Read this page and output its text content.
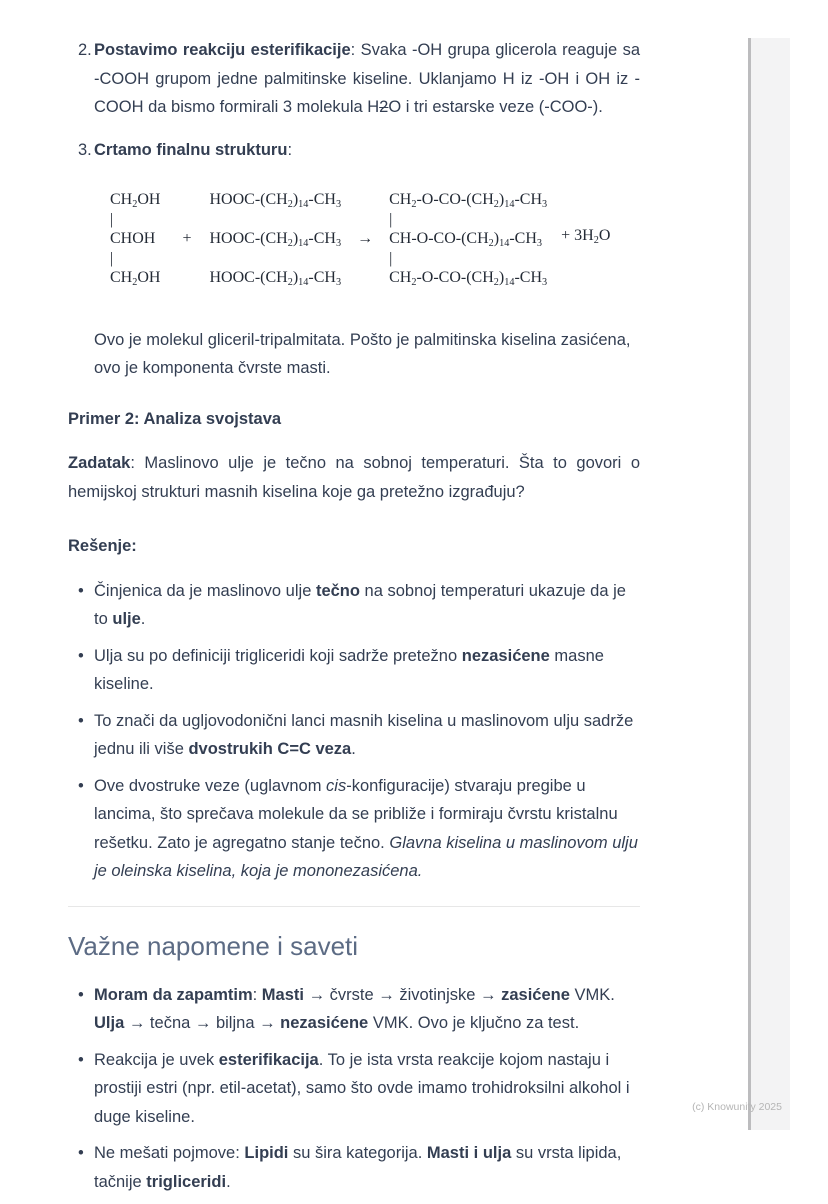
2. Postavimo reakciju esterifikacije: Svaka -OH grupa glicerola reaguje sa -COOH grupom jedne palmitinske kiseline. Uklanjamo H iz -OH i OH iz -COOH da bismo formirali 3 molekula H2O i tri estarske veze (-COO-).

3. Crtamo finalnu strukturu:

$CH_2OH$
|
CHOH
|
$CH_2OH$
+
HOOC-$(CH_2)_{14}-CH_3$
HOOC-$(CH_2)_{14}-CH_3$
HOOC-$(CH_2)_{14}-CH_3$
→
$CH_2-O-CO-(CH_2)_{14}-CH_3$
|
$CH-O-CO-(CH_2)_{14}-CH_3$
|
$CH_2-O-CO-(CH_2)_{14}-CH_3$
+ $3H_2O$

Ovo je molekul gliceril-tripalmitata. Pošto je palmitinska kiselina zasićena, ovo je komponenta čvrste masti.

Primer 2: Analiza svojstava

Zadatak: Maslinovo ulje je tečno na sobnoj temperaturi. Šta to govori o hemijskoj strukturi masnih kiselina koje ga pretežno izgrađuju?

Rešenje:

• Činjenica da je maslinovo ulje tečno na sobnoj temperaturi ukazuje da je to ulje.

• Ulja su po definiciji trigliceridi koji sadrže pretežno nezasićene masne kiseline.

• To znači da ugljovodonični lanci masnih kiselina u maslinovom ulju sadrže jednu ili više dvostrukih C=C veza.

• Ove dvostruke veze (uglavnom cis-konfiguracije) stvaraju pregibe u lancima, što sprečava molekule da se približe i formiraju čvrstu kristalnu rešetku. Zato je agregatno stanje tečno. Glavna kiselina u maslinovom ulju je oleinska kiselina, koja je mononezasićena.

Važne napomene i saveti
• Moram da zapamtim: Masti → čvrste → životinjske → zasićene VMK. Ulja → tečna → biljna → nezasićene VMK. Ovo je ključno za test.

• Reakcija je uvek esterifikacija. To je ista vrsta reakcije kojom nastaju i prostiji estri (npr. etil-acetat), samo što ovde imamo trohidroksilni alkohol i duge kiseline.

• Ne mešati pojmove: Lipidi su šira kategorija. Masti i ulja su vrsta lipida, tačnije trigliceridi.

(c) Knowunity 2025
